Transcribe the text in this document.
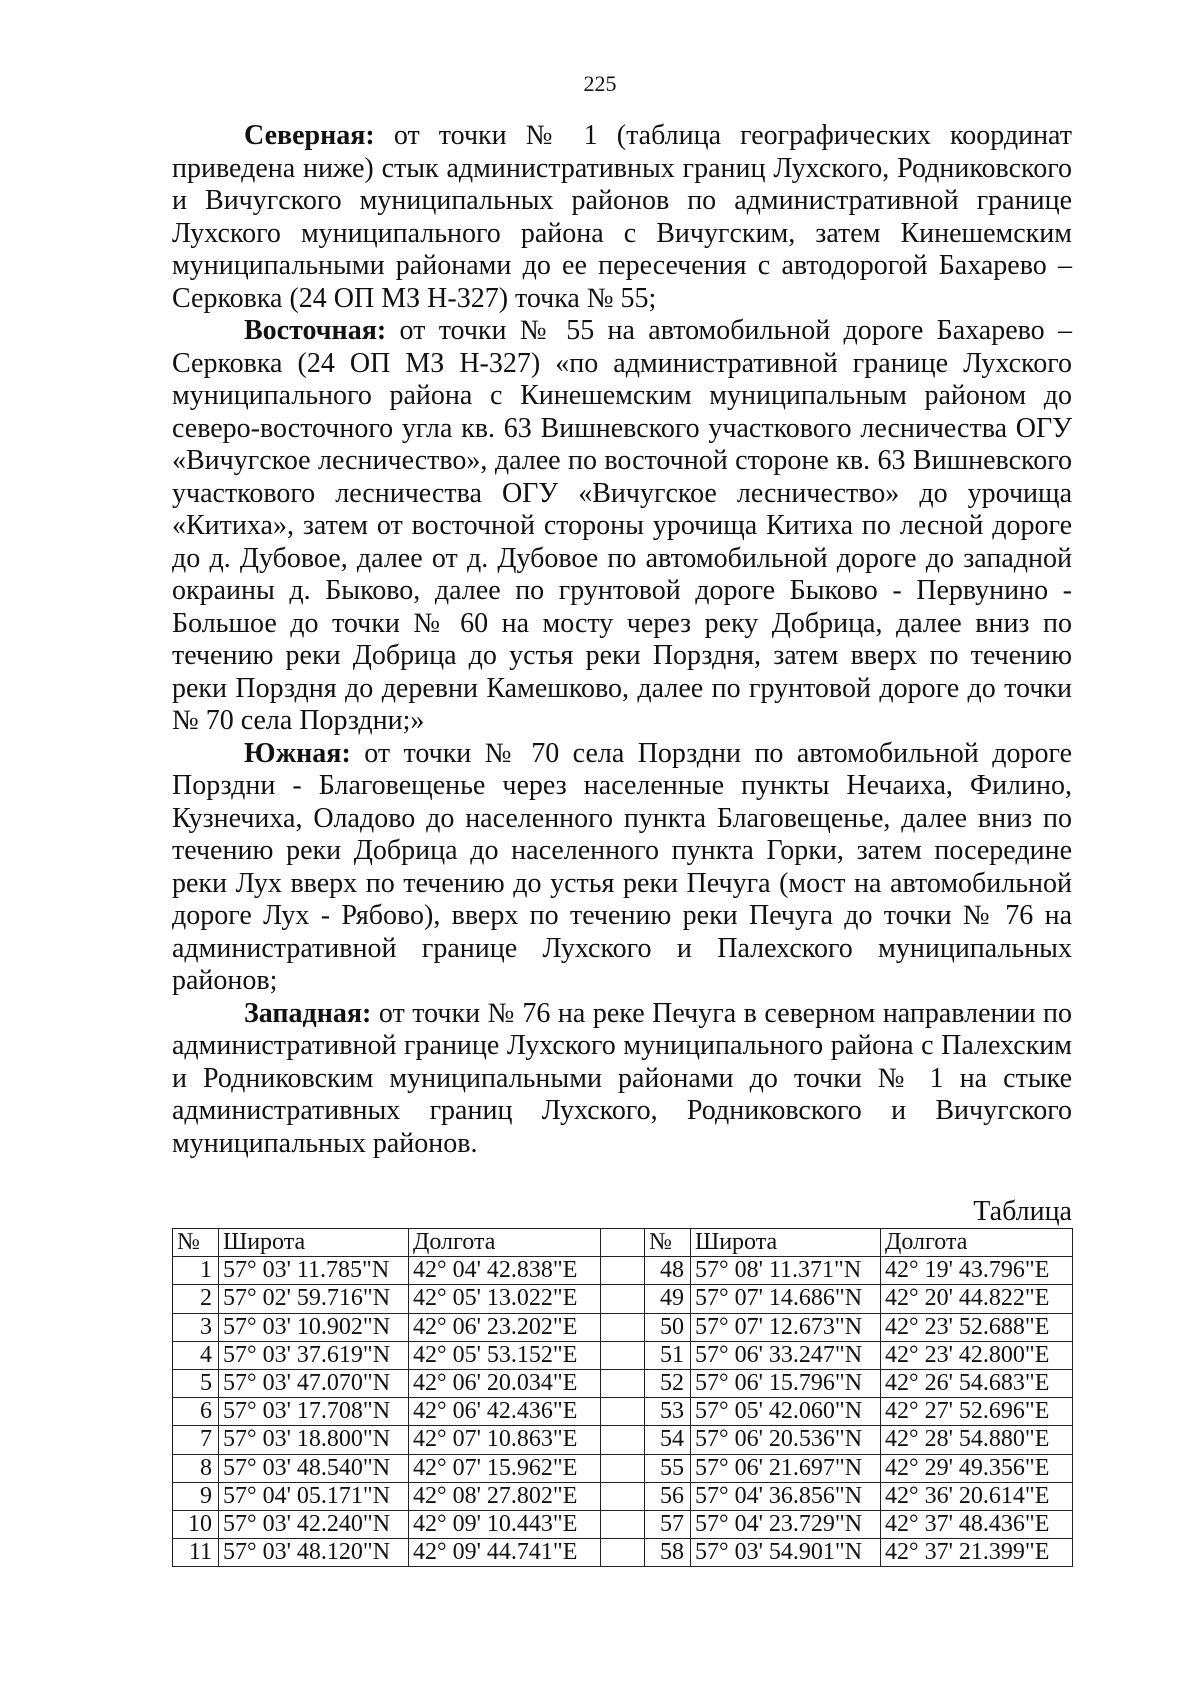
225

Северная: от точки № 1 (таблица географических координат приведена ниже) стык административных границ Лухского, Родниковского и Вичугского муниципальных районов по административной границе Лухского муниципального района с Вичугским, затем Кинешемским муниципальными районами до ее пересечения с автодорогой Бахарево – Серковка (24 ОП МЗ Н-327) точка № 55;

Восточная: от точки № 55 на автомобильной дороге Бахарево – Серковка (24 ОП МЗ Н-327) «по административной границе Лухского муниципального района с Кинешемским муниципальным районом до северо-восточного угла кв. 63 Вишневского участкового лесничества ОГУ «Вичугское лесничество», далее по восточной стороне кв. 63 Вишневского участкового лесничества ОГУ «Вичугское лесничество» до урочища «Китиха», затем от восточной стороны урочища Китиха по лесной дороге до д. Дубовое, далее от д. Дубовое по автомобильной дороге до западной окраины д. Быково, далее по грунтовой дороге Быково - Первунино - Большое до точки № 60 на мосту через реку Добрица, далее вниз по течению реки Добрица до устья реки Порздня, затем вверх по течению реки Порздня до деревни Камешково, далее по грунтовой дороге до точки № 70 села Порздни;»

Южная: от точки № 70 села Порздни по автомобильной дороге Порздни - Благовещенье через населенные пункты Нечаиха, Филино, Кузнечиха, Оладово до населенного пункта Благовещенье, далее вниз по течению реки Добрица до населенного пункта Горки, затем посередине реки Лух вверх по течению до устья реки Печуга (мост на автомобильной дороге Лух - Рябово), вверх по течению реки Печуга до точки № 76 на административной границе Лухского и Палехского муниципальных районов;

Западная: от точки № 76 на реке Печуга в северном направлении по административной границе Лухского муниципального района с Палехским и Родниковским муниципальными районами до точки № 1 на стыке административных границ Лухского, Родниковского и Вичугского муниципальных районов.

Таблица
№	Широта	Долгота		№	Широта	Долгота
1	57° 03' 11.785"N	42° 04' 42.838"E		48	57° 08' 11.371"N	42° 19' 43.796"E
2	57° 02' 59.716"N	42° 05' 13.022"E		49	57° 07' 14.686"N	42° 20' 44.822"E
3	57° 03' 10.902"N	42° 06' 23.202"E		50	57° 07' 12.673"N	42° 23' 52.688"E
4	57° 03' 37.619"N	42° 05' 53.152"E		51	57° 06' 33.247"N	42° 23' 42.800"E
5	57° 03' 47.070"N	42° 06' 20.034"E		52	57° 06' 15.796"N	42° 26' 54.683"E
6	57° 03' 17.708"N	42° 06' 42.436"E		53	57° 05' 42.060"N	42° 27' 52.696"E
7	57° 03' 18.800"N	42° 07' 10.863"E		54	57° 06' 20.536"N	42° 28' 54.880"E
8	57° 03' 48.540"N	42° 07' 15.962"E		55	57° 06' 21.697"N	42° 29' 49.356"E
9	57° 04' 05.171"N	42° 08' 27.802"E		56	57° 04' 36.856"N	42° 36' 20.614"E
10	57° 03' 42.240"N	42° 09' 10.443"E		57	57° 04' 23.729"N	42° 37' 48.436"E
11	57° 03' 48.120"N	42° 09' 44.741"E		58	57° 03' 54.901"N	42° 37' 21.399"E
